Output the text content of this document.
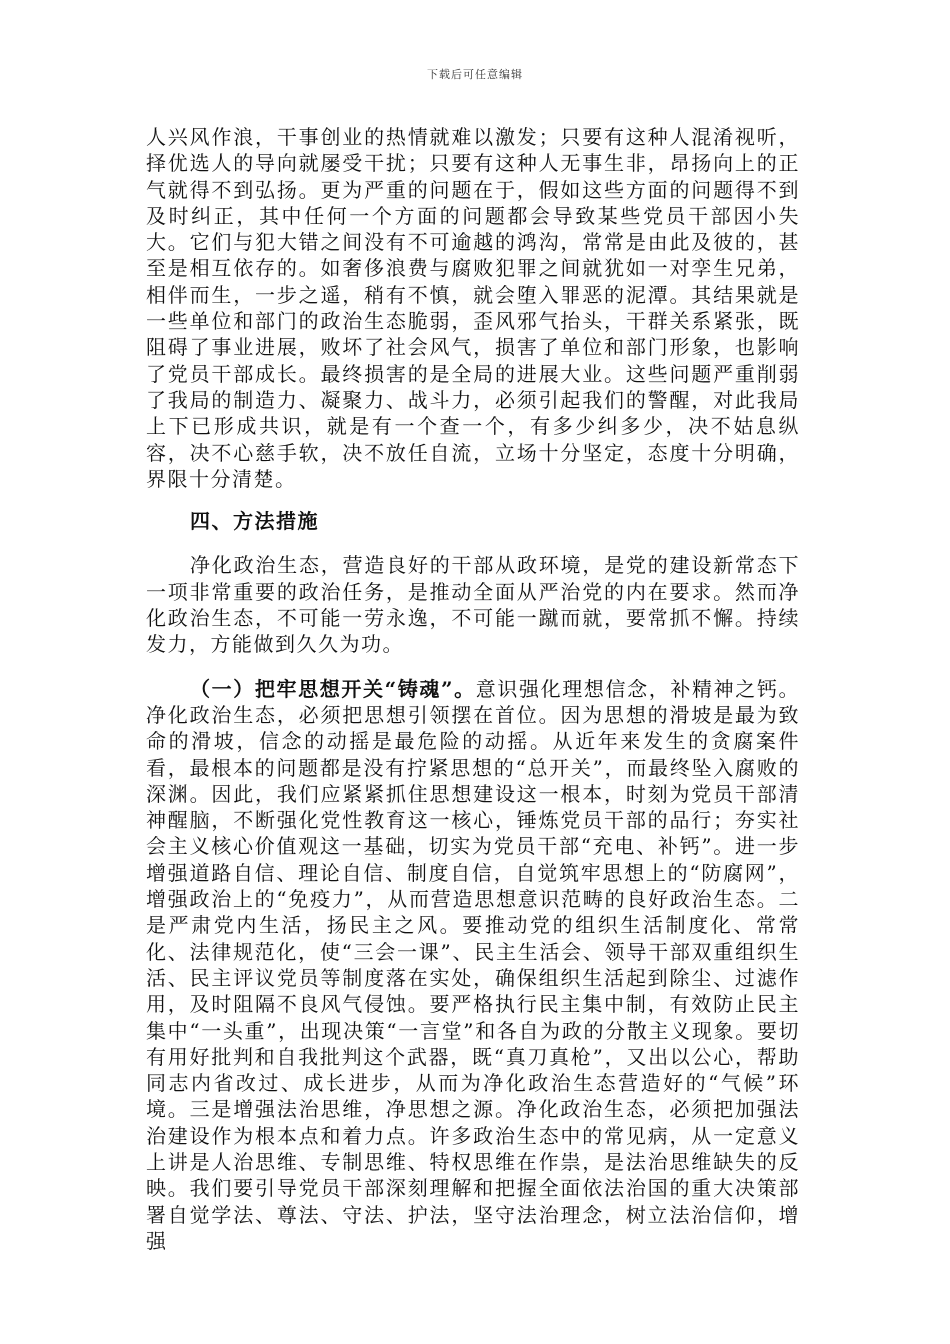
下载后可任意编辑

人兴风作浪，干事创业的热情就难以激发；只要有这种人混淆视听，择优选人的导向就屡受干扰；只要有这种人无事生非，昂扬向上的正气就得不到弘扬。更为严重的问题在于，假如这些方面的问题得不到及时纠正，其中任何一个方面的问题都会导致某些党员干部因小失大。它们与犯大错之间没有不可逾越的鸿沟，常常是由此及彼的，甚至是相互依存的。如奢侈浪费与腐败犯罪之间就犹如一对孪生兄弟，相伴而生，一步之遥，稍有不慎，就会堕入罪恶的泥潭。其结果就是一些单位和部门的政治生态脆弱，歪风邪气抬头，干群关系紧张，既阻碍了事业进展，败坏了社会风气，损害了单位和部门形象，也影响了党员干部成长。最终损害的是全局的进展大业。这些问题严重削弱了我局的制造力、凝聚力、战斗力，必须引起我们的警醒，对此我局上下已形成共识，就是有一个查一个，有多少纠多少，决不姑息纵容，决不心慈手软，决不放任自流，立场十分坚定，态度十分明确，界限十分清楚。

四、方法措施

净化政治生态，营造良好的干部从政环境，是党的建设新常态下一项非常重要的政治任务，是推动全面从严治党的内在要求。然而净化政治生态，不可能一劳永逸，不可能一蹴而就，要常抓不懈。持续发力，方能做到久久为功。

（一）把牢思想开关“铸魂”。意识强化理想信念，补精神之钙。净化政治生态，必须把思想引领摆在首位。因为思想的滑坡是最为致命的滑坡，信念的动摇是最危险的动摇。从近年来发生的贪腐案件看，最根本的问题都是没有拧紧思想的“总开关”，而最终坠入腐败的深渊。因此，我们应紧紧抓住思想建设这一根本，时刻为党员干部清神醒脑，不断强化党性教育这一核心，锤炼党员干部的品行；夯实社会主义核心价值观这一基础，切实为党员干部“充电、补钙”。进一步增强道路自信、理论自信、制度自信，自觉筑牢思想上的“防腐网”，增强政治上的“免疫力”，从而营造思想意识范畴的良好政治生态。二是严肃党内生活，扬民主之风。要推动党的组织生活制度化、常常化、法律规范化，使“三会一课”、民主生活会、领导干部双重组织生活、民主评议党员等制度落在实处，确保组织生活起到除尘、过滤作用，及时阻隔不良风气侵蚀。要严格执行民主集中制，有效防止民主集中“一头重”，出现决策“一言堂”和各自为政的分散主义现象。要切有用好批判和自我批判这个武器，既“真刀真枪”，又出以公心，帮助同志内省改过、成长进步，从而为净化政治生态营造好的“气候”环境。三是增强法治思维，净思想之源。净化政治生态，必须把加强法治建设作为根本点和着力点。许多政治生态中的常见病，从一定意义上讲是人治思维、专制思维、特权思维在作祟，是法治思维缺失的反映。我们要引导党员干部深刻理解和把握全面依法治国的重大决策部署自觉学法、尊法、守法、护法，坚守法治理念，树立法治信仰，增强
